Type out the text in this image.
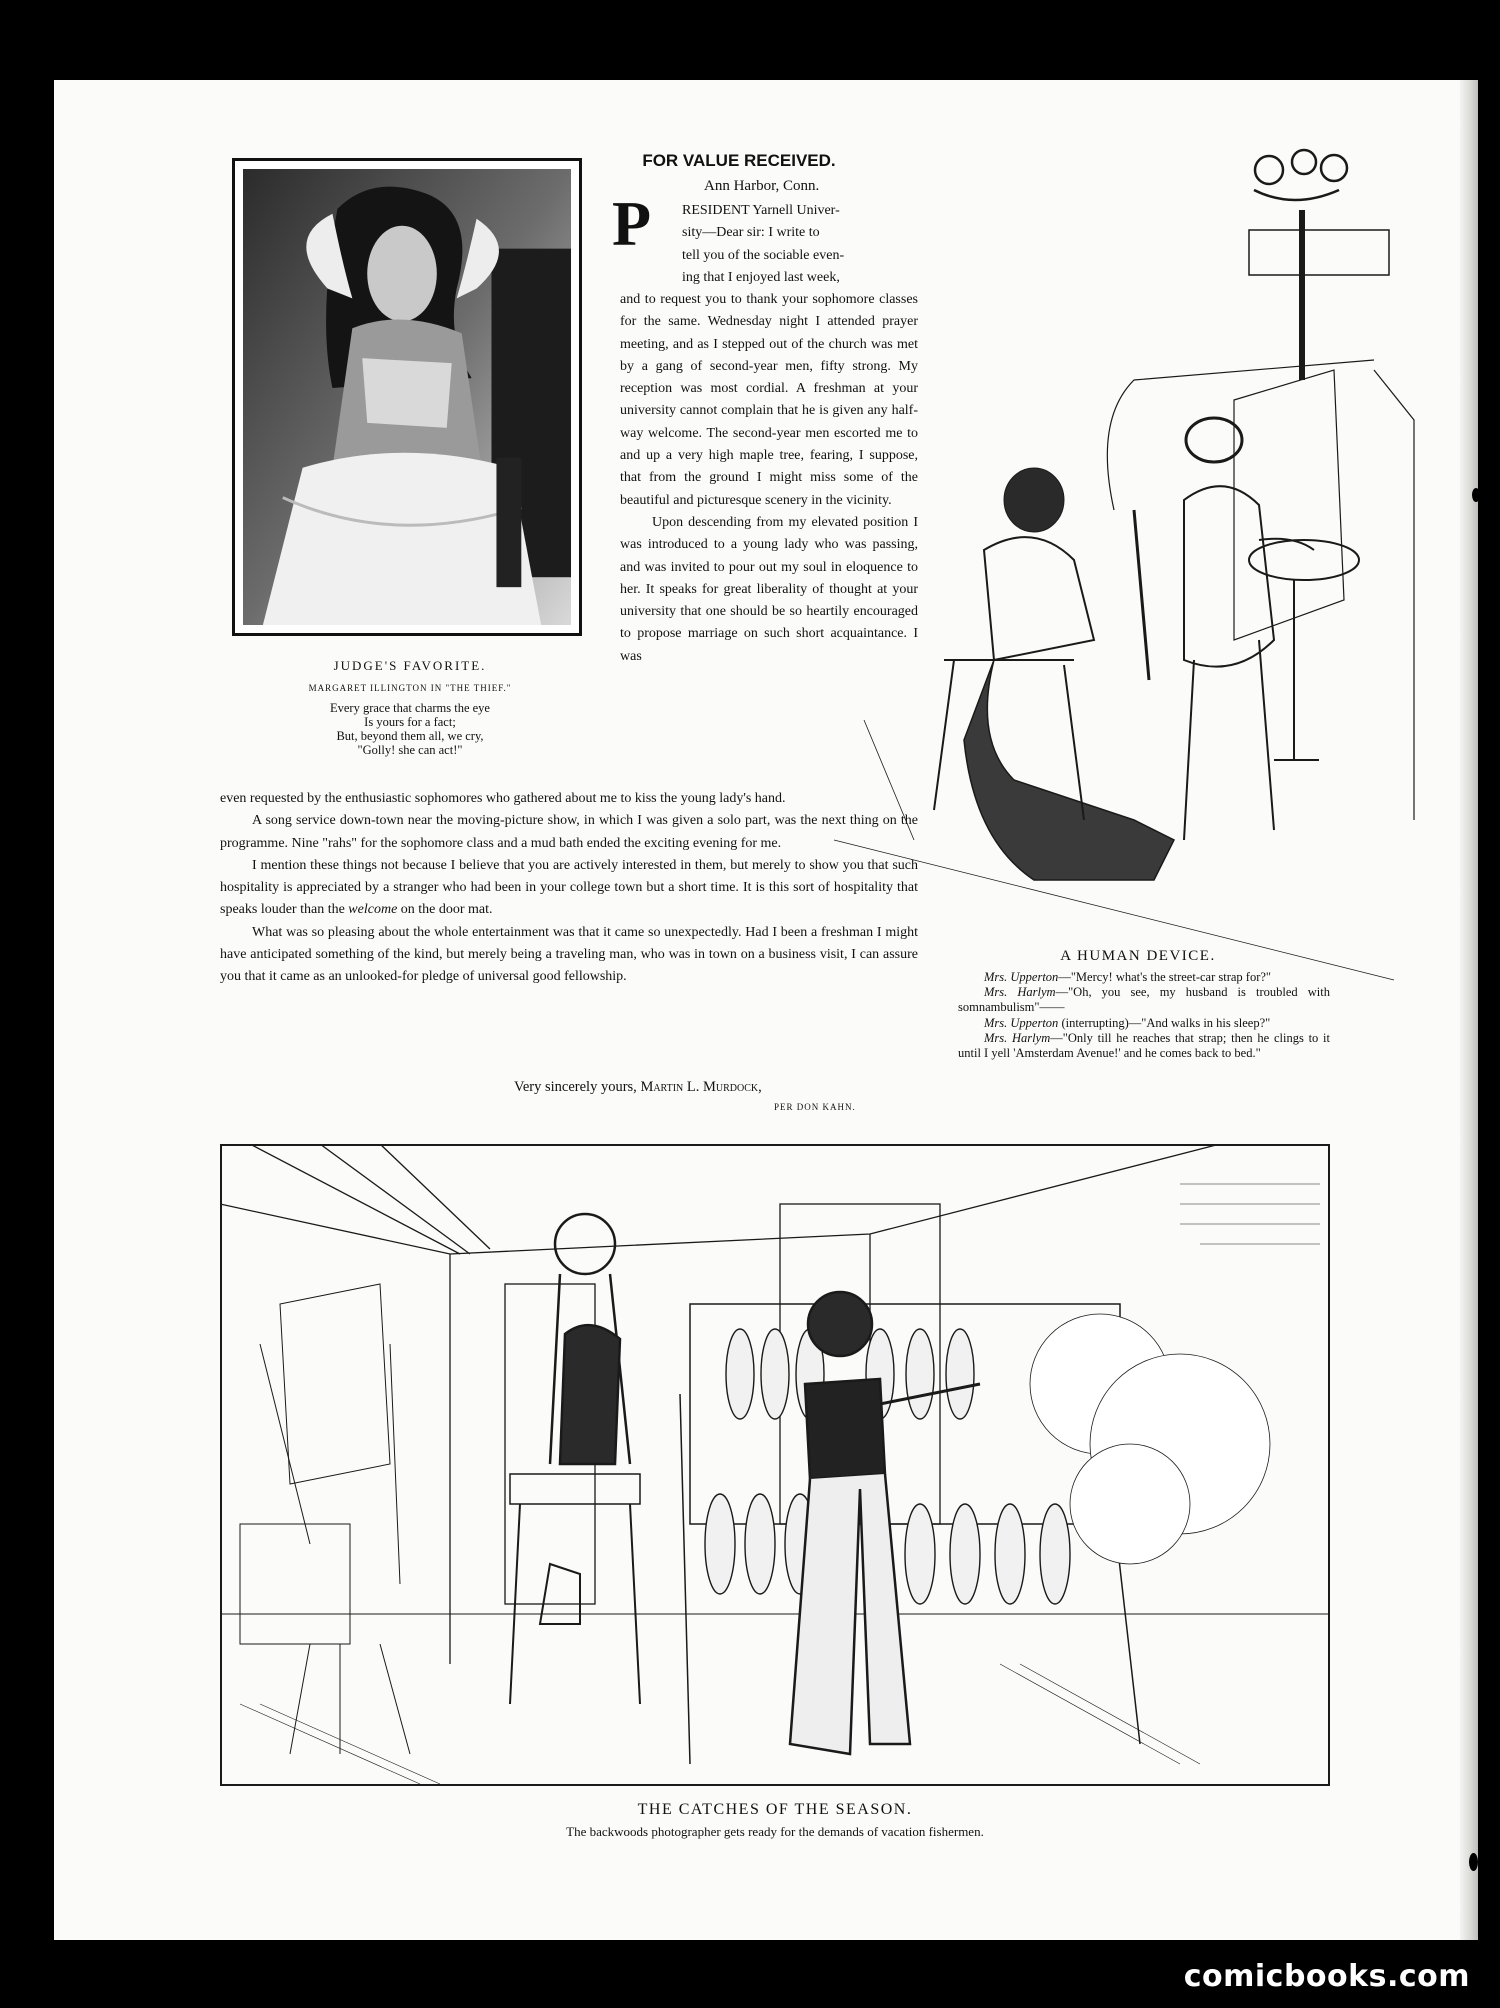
JUDGE'S FAVORITE.
MARGARET ILLINGTON IN "THE THIEF."
Every grace that charms the eye
Is yours for a fact;
But, beyond them all, we cry,
"Golly! she can act!"
FOR VALUE RECEIVED.
Ann Harbor, Conn.
P RESIDENT Yarnell Univer-
sity—Dear sir: I write to
tell you of the sociable even-
ing that I enjoyed last week,

and to request you to thank your sophomore classes for the same. Wednesday night I attended prayer meeting, and as I stepped out of the church was met by a gang of second-year men, fifty strong. My reception was most cordial. A freshman at your university cannot complain that he is given any half-way welcome. The second-year men escorted me to and up a very high maple tree, fearing, I suppose, that from the ground I might miss some of the beautiful and picturesque scenery in the vicinity.

Upon descending from my elevated position I was introduced to a young lady who was passing, and was invited to pour out my soul in eloquence to her. It speaks for great liberality of thought at your university that one should be so heartily encouraged to propose marriage on such short acquaintance. I was

even requested by the enthusiastic sophomores who gathered about me to kiss the young lady's hand.

A song service down-town near the moving-picture show, in which I was given a solo part, was the next thing on the programme. Nine "rahs" for the sophomore class and a mud bath ended the exciting evening for me.

I mention these things not because I believe that you are actively interested in them, but merely to show you that such hospitality is appreciated by a stranger who had been in your college town but a short time. It is this sort of hospitality that speaks louder than the welcome on the door mat.

What was so pleasing about the whole entertainment was that it came so unexpectedly. Had I been a freshman I might have anticipated something of the kind, but merely being a traveling man, who was in town on a business visit, I can assure you that it came as an unlooked-for pledge of universal good fellowship.

Very sincerely yours, Martin L. Murdock,
PER DON KAHN.
A HUMAN DEVICE.

Mrs. Upperton—"Mercy! what's the street-car strap for?"

Mrs. Harlym—"Oh, you see, my husband is troubled with somnambulism"——

Mrs. Upperton (interrupting)—"And walks in his sleep?"

Mrs. Harlym—"Only till he reaches that strap; then he clings to it until I yell 'Amsterdam Avenue!' and he comes back to bed."

THE CATCHES OF THE SEASON.
The backwoods photographer gets ready for the demands of vacation fishermen.
comicbooks.com
